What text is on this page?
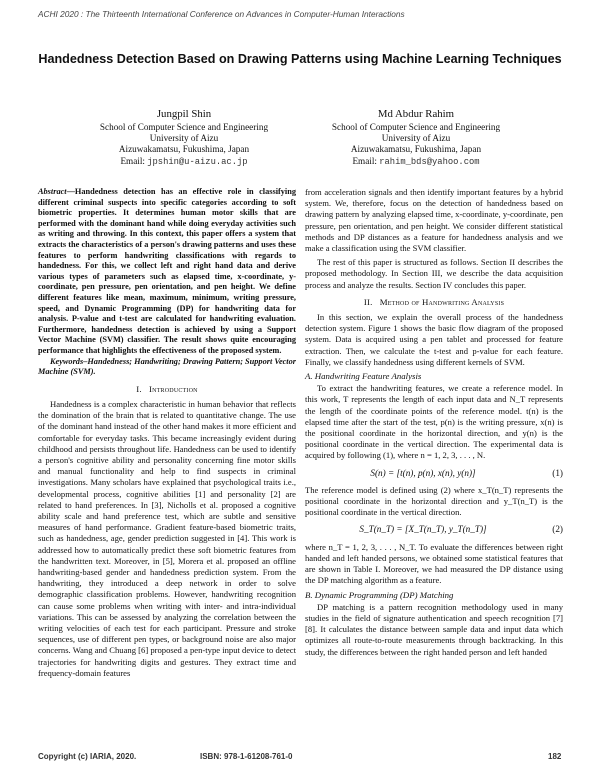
ACHI 2020 : The Thirteenth International Conference on Advances in Computer-Human Interactions
Handedness Detection Based on Drawing Patterns using Machine Learning Techniques
Jungpil Shin
School of Computer Science and Engineering
University of Aizu
Aizuwakamatsu, Fukushima, Japan
Email: jpshin@u-aizu.ac.jp
Md Abdur Rahim
School of Computer Science and Engineering
University of Aizu
Aizuwakamatsu, Fukushima, Japan
Email: rahim_bds@yahoo.com

Abstract—Handedness detection has an effective role in classifying different criminal suspects into specific categories according to soft biometric properties. It determines human motor skills that are performed with the dominant hand while doing everyday activities such as writing and throwing. In this context, this paper offers a system that extracts the characteristics of a person's drawing patterns and uses these features to perform handwriting classifications with regards to handedness. For this, we collect left and right hand data and derive various types of parameters such as elapsed time, x-coordinate, y-coordinate, pen pressure, pen orientation, and pen height. We define different features like mean, maximum, minimum, writing pressure, speed, and Dynamic Programming (DP) for handwriting data for analysis. P-value and t-test are calculated for handwriting evaluation. Furthermore, handedness detection is achieved by using a Support Vector Machine (SVM) classifier. The result shows quite encouraging performance that highlights the effectiveness of the proposed system.

Keywords–Handedness; Handwriting; Drawing Pattern; Support Vector Machine (SVM).

I. Introduction

Handedness is a complex characteristic in human behavior that reflects the domination of the brain that is related to quantitative change. The use of the dominant hand instead of the other hand makes it more efficient and comfortable for everyday tasks. This became increasingly evident during childhood and persists throughout life. Handedness can be used to identify a person's cognitive ability and personality concerning fine motor skills and manual functionality and help to find suspects in criminal investigations. Many scholars have explained that psychological traits i.e., developmental process, cognitive abilities [1] and personality [2] are related to hand preferences. In [3], Nicholls et al. proposed a cognitive ability scale and hand preference test, which are subtle and sensitive measures of hand performance. Gradient feature-based biometric traits, such as handedness, age, gender prediction suggested in [4]. This work is addressed how to automatically predict these soft biometric features from the handwritten text. Moreover, in [5], Morera et al. proposed an offline handwriting-based gender and handedness prediction system. From the handwriting, they introduced a deep network in order to solve demographic classification problems. However, handwriting recognition can cause some problems when writing with inter- and intra-individual variations. This can be assessed by analyzing the correlation between the writing velocities of each test for each participant. Pressure and stroke sequences, use of different pen types, or background noise are also major concerns. Wang and Chuang [6] proposed a pen-type input device to detect trajectories for handwriting digits and gestures. They extract time and frequency-domain features

from acceleration signals and then identify important features by a hybrid system. We, therefore, focus on the detection of handedness based on drawing pattern by analyzing elapsed time, x-coordinate, y-coordinate, pen pressure, pen orientation, and pen height. We consider different statistical methods and DP distances as a feature for handedness analysis and we make a classification using the SVM classifier.

The rest of this paper is structured as follows. Section II describes the proposed methodology. In Section III, we describe the data acquisition process and analyze the results. Section IV concludes this paper.

II. Method of Handwriting Analysis

In this section, we explain the overall process of the handedness detection system. Figure 1 shows the basic flow diagram of the proposed system. Data is acquired using a pen tablet and processed for feature extraction. Then, we calculate the t-test and p-value for each feature. Finally, we classify handedness using different kernels of SVM.

A. Handwriting Feature Analysis

To extract the handwriting features, we create a reference model. In this work, T represents the length of each input data and N_T represents the length of the coordinate points of the reference model. t(n) is the elapsed time after the start of the test, p(n) is the writing pressure, x(n) is the positional coordinate in the horizontal direction, and y(n) is the positional coordinate in the vertical direction. The experimental data is acquired by following (1), where n = 1, 2, 3, . . . , N.

S(n) = [t(n), p(n), x(n), y(n)]	(1)

The reference model is defined using (2) where x_T(n_T) represents the positional coordinate in the horizontal direction and y_T(n_T) is the positional coordinate in the vertical direction.

S_T(n_T) = [X_T(n_T), y_T(n_T)]	(2)

where n_T = 1, 2, 3, . . . , N_T. To evaluate the differences between right handed and left handed persons, we obtained some statistical features that are shown in Table I. Moreover, we had measured the DP distance using the DP matching algorithm as a feature.

B. Dynamic Programming (DP) Matching

DP matching is a pattern recognition methodology used in many studies in the field of signature authentication and speech recognition [7][8]. It calculates the distance between sample data and input data which optimizes all route-to-route measurements through backtracking. In this study, the differences between the right handed person and left handed

Copyright (c) IARIA, 2020.	ISBN: 978-1-61208-761-0	182
